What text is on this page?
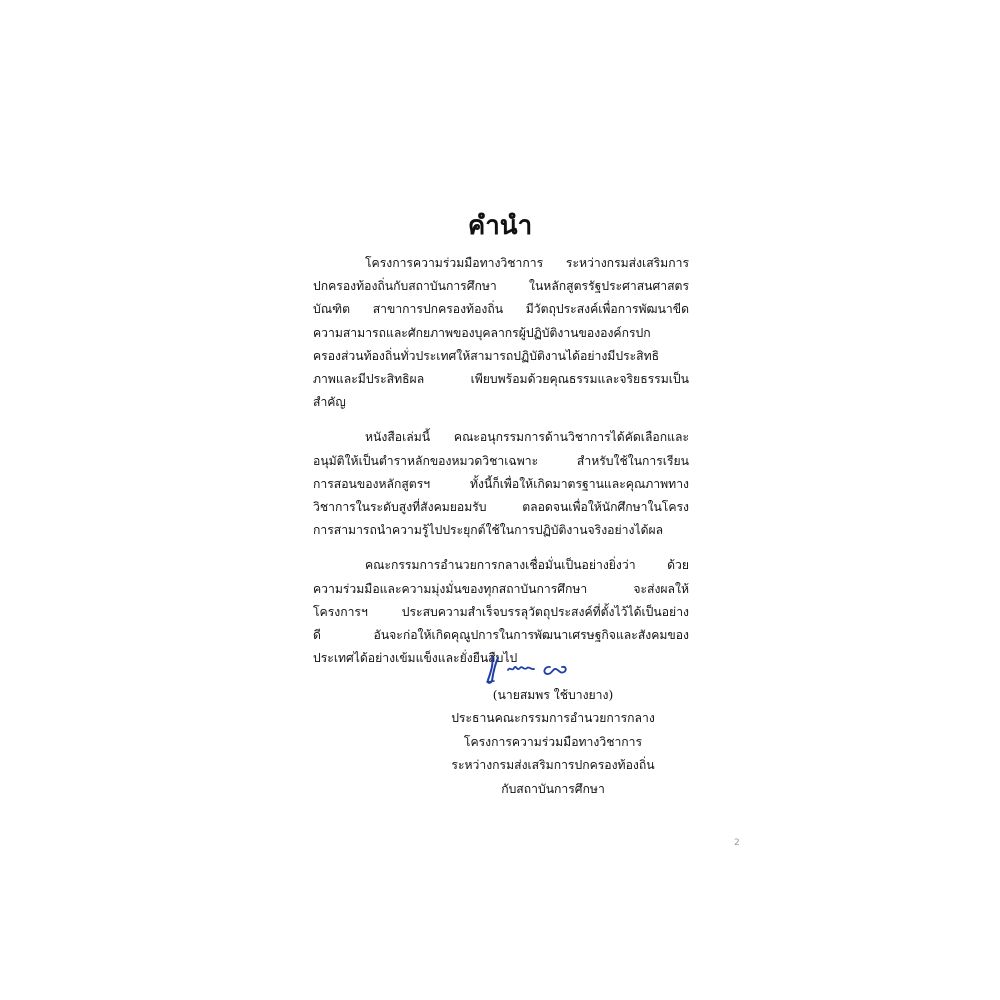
คำนำ

โครงการความร่วมมือทางวิชาการ ระหว่างกรมส่งเสริมการ
ปกครองท้องถิ่นกับสถาบันการศึกษา ในหลักสูตรรัฐประศาสนศาสตร
บัณฑิต สาขาการปกครองท้องถิ่น มีวัตถุประสงค์เพื่อการพัฒนาขีด
ความสามารถและศักยภาพของบุคลากรผู้ปฏิบัติงานขององค์กรปก
ครองส่วนท้องถิ่นทั่วประเทศให้สามารถปฏิบัติงานได้อย่างมีประสิทธิ
ภาพและมีประสิทธิผล เพียบพร้อมด้วยคุณธรรมและจริยธรรมเป็น
สำคัญ

หนังสือเล่มนี้ คณะอนุกรรมการด้านวิชาการได้คัดเลือกและ
อนุมัติให้เป็นตำราหลักของหมวดวิชาเฉพาะ สำหรับใช้ในการเรียน
การสอนของหลักสูตรฯ ทั้งนี้ก็เพื่อให้เกิดมาตรฐานและคุณภาพทาง
วิชาการในระดับสูงที่สังคมยอมรับ ตลอดจนเพื่อให้นักศึกษาในโครง
การสามารถนำความรู้ไปประยุกต์ใช้ในการปฏิบัติงานจริงอย่างได้ผล

คณะกรรมการอำนวยการกลางเชื่อมั่นเป็นอย่างยิ่งว่า ด้วย
ความร่วมมือและความมุ่งมั่นของทุกสถาบันการศึกษา จะส่งผลให้
โครงการฯ ประสบความสำเร็จบรรลุวัตถุประสงค์ที่ตั้งไว้ได้เป็นอย่าง
ดี อันจะก่อให้เกิดคุณูปการในการพัฒนาเศรษฐกิจและสังคมของ
ประเทศได้อย่างเข้มแข็งและยั่งยืนสืบไป

(นายสมพร ใช้บางยาง)
ประธานคณะกรรมการอำนวยการกลาง
โครงการความร่วมมือทางวิชาการ
ระหว่างกรมส่งเสริมการปกครองท้องถิ่น
กับสถาบันการศึกษา
2
